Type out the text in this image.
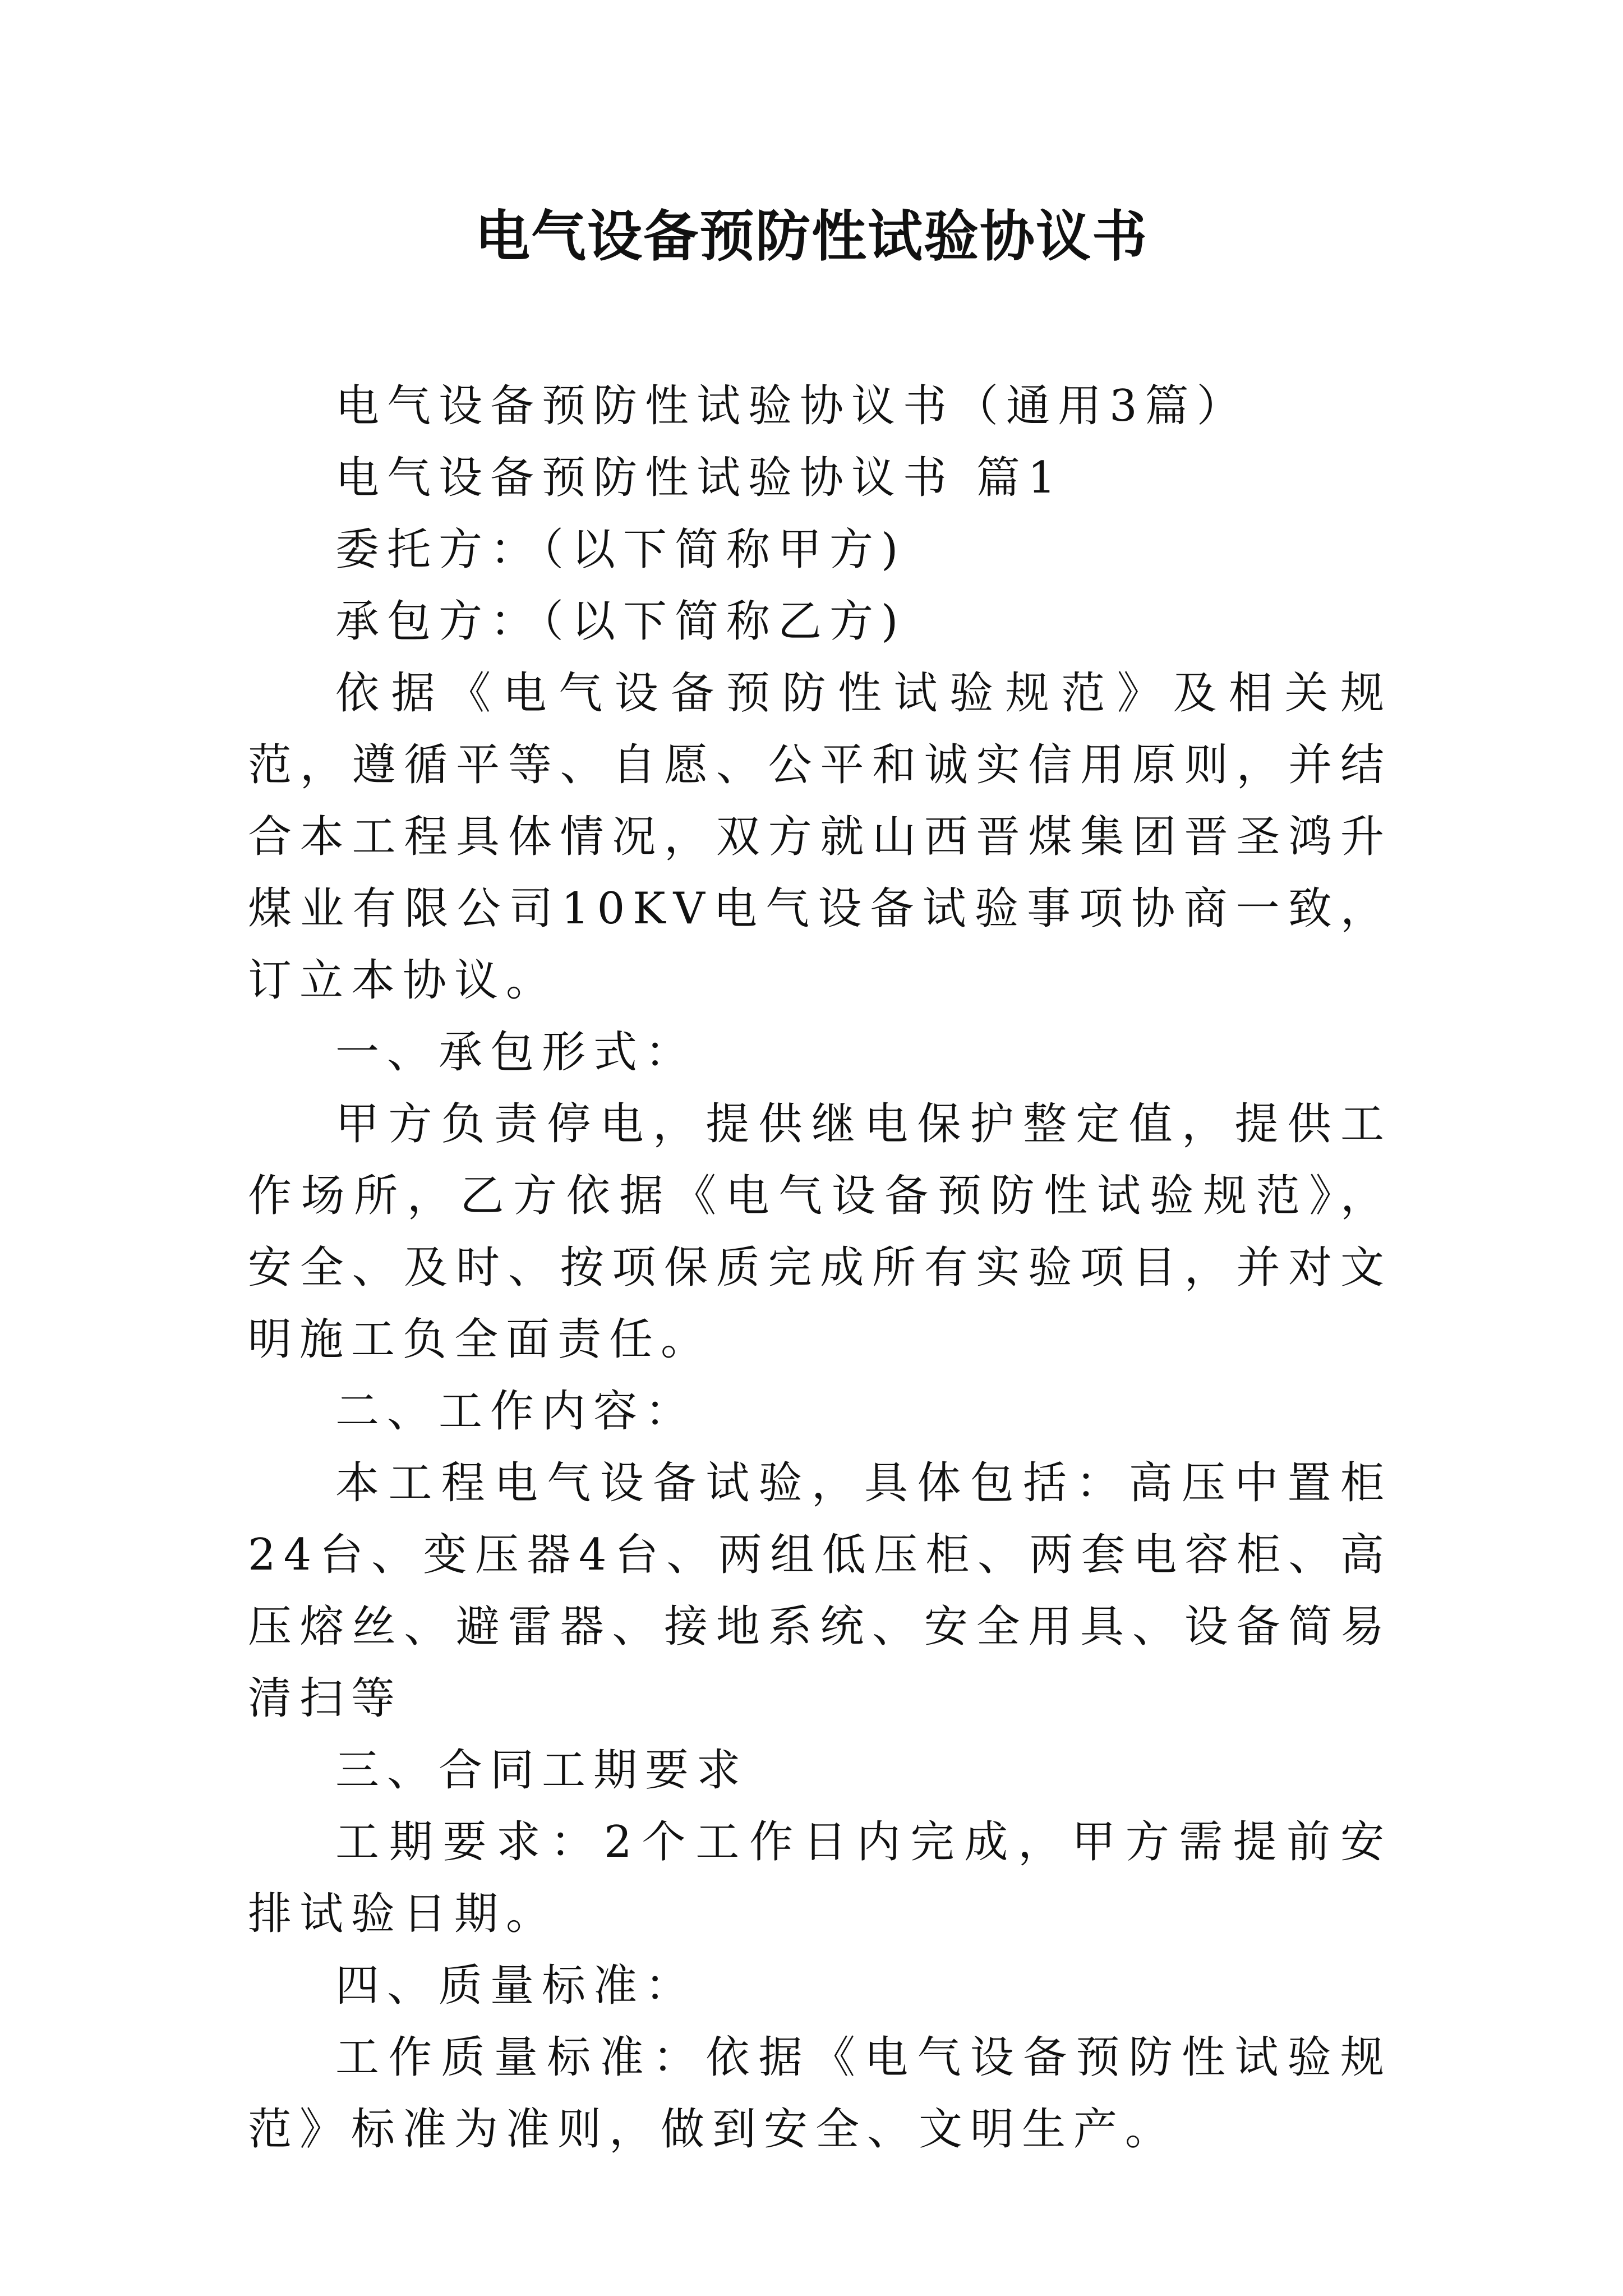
电气设备预防性试验协议书

电气设备预防性试验协议书（通用3篇）

电气设备预防性试验协议书 篇1

委托方：（以下简称甲方)

承包方：（以下简称乙方)

依据《电气设备预防性试验规范》及相关规范，遵循平等、自愿、公平和诚实信用原则，并结合本工程具体情况，双方就山西晋煤集团晋圣鸿升煤业有限公司10KV电气设备试验事项协商一致，订立本协议。

一、承包形式：

甲方负责停电，提供继电保护整定值，提供工作场所，乙方依据《电气设备预防性试验规范》，安全、及时、按项保质完成所有实验项目，并对文明施工负全面责任。

二、工作内容：

本工程电气设备试验，具体包括：高压中置柜24台、变压器4台、两组低压柜、两套电容柜、高压熔丝、避雷器、接地系统、安全用具、设备简易清扫等

三、合同工期要求

工期要求：2个工作日内完成，甲方需提前安排试验日期。

四、质量标准：

工作质量标准：依据《电气设备预防性试验规范》标准为准则，做到安全、文明生产。
